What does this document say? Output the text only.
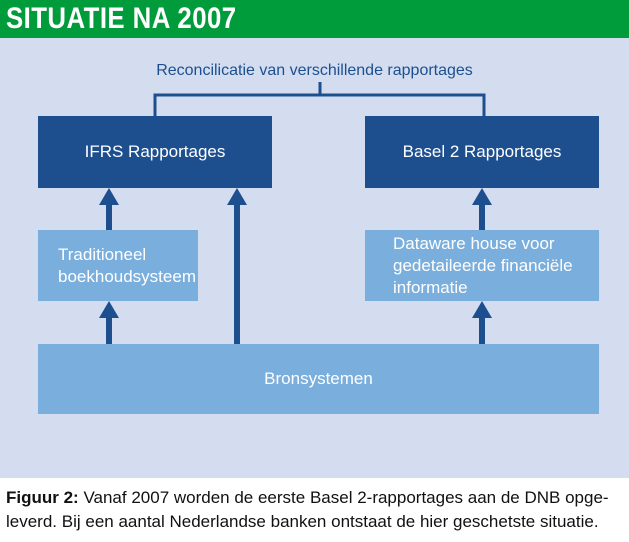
SITUATIE NA 2007
Reconcilicatie van verschillende rapportages
IFRS Rapportages	Basel 2 Rapportages
Traditioneel
boekhoudsysteem
Dataware house voor
gedetaileerde financiële
informatie
Bronsystemen
Figuur 2: Vanaf 2007 worden de eerste Basel 2-rapportages aan de DNB opge-leverd. Bij een aantal Nederlandse banken ontstaat de hier geschetste situatie.
